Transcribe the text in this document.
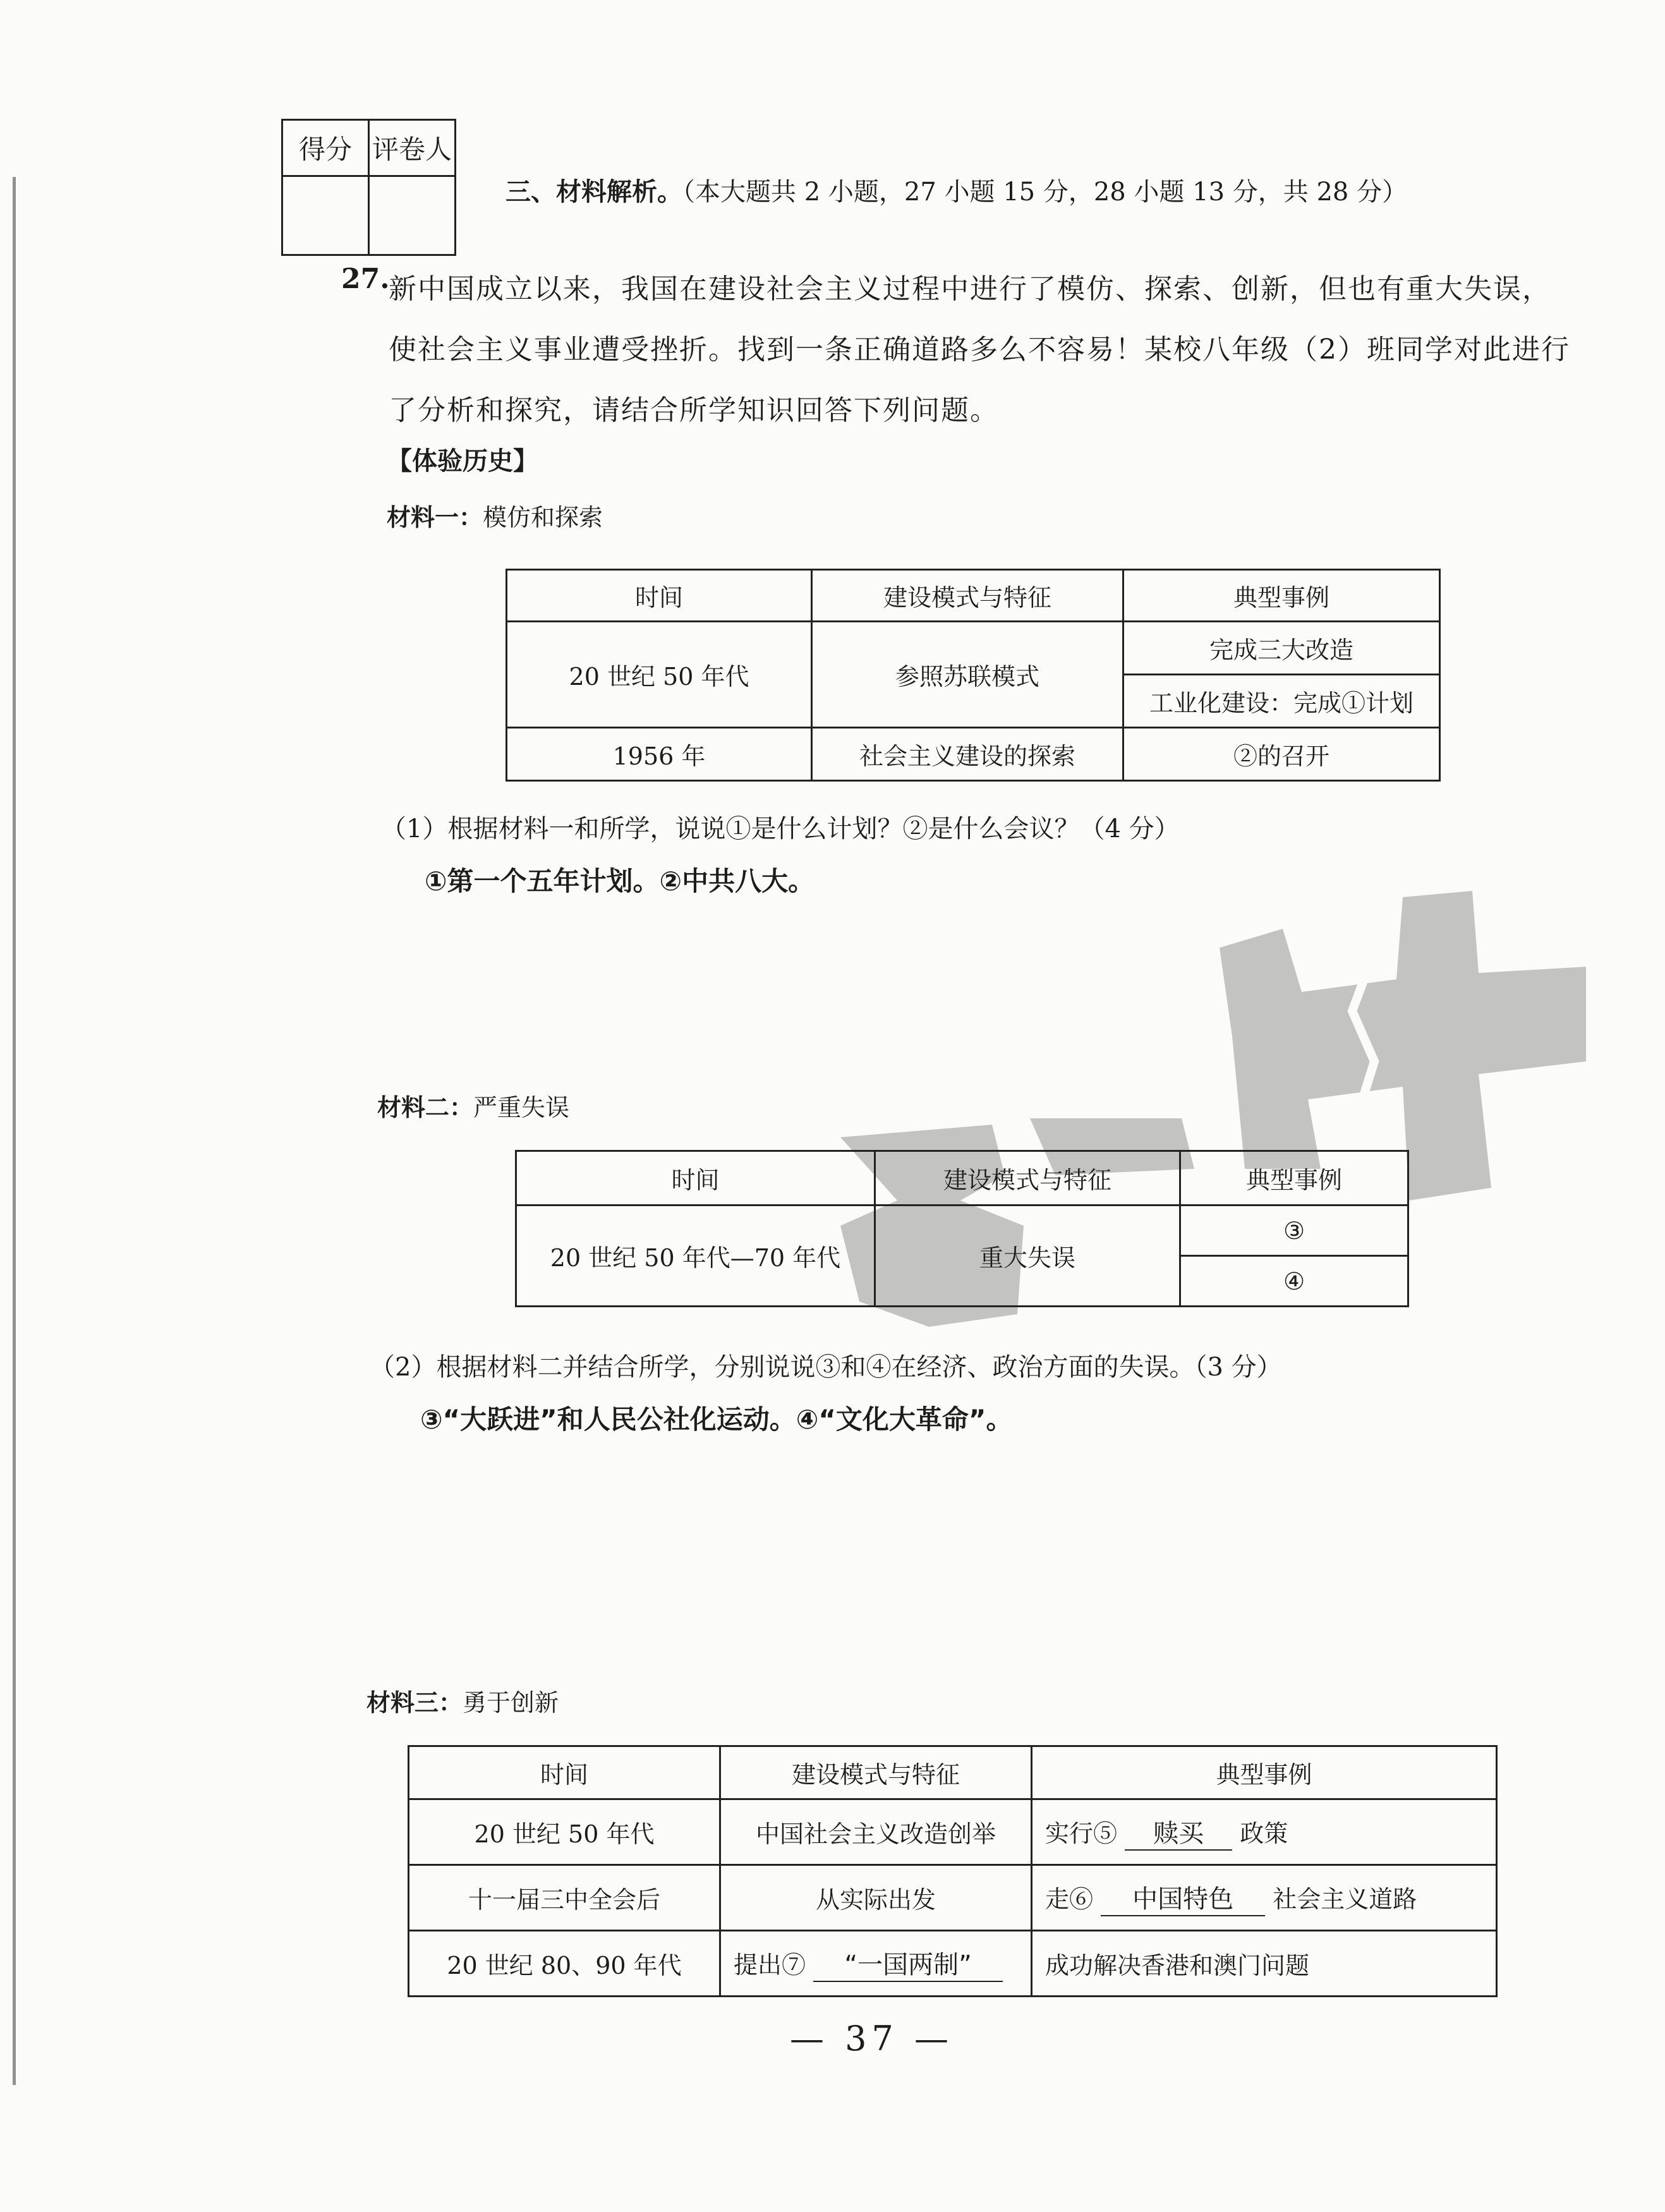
得分	评卷人

三、材料解析。（本大题共 2 小题，27 小题 15 分，28 小题 13 分，共 28 分）
27.
新中国成立以来，我国在建设社会主义过程中进行了模仿、探索、创新，但也有重大失误，使社会主义事业遭受挫折。找到一条正确道路多么不容易！某校八年级（2）班同学对此进行了分析和探究，请结合所学知识回答下列问题。
【体验历史】
材料一：模仿和探索
时间	建设模式与特征	典型事例
20 世纪 50 年代	参照苏联模式	完成三大改造
		工业化建设：完成①计划
1956 年	社会主义建设的探索	②的召开
（1）根据材料一和所学，说说①是什么计划？②是什么会议？（4 分）
①第一个五年计划。②中共八大。
材料二：严重失误
时间	建设模式与特征	典型事例
20 世纪 50 年代—70 年代	重大失误	③
		④
（2）根据材料二并结合所学，分别说说③和④在经济、政治方面的失误。（3 分）
③“大跃进”和人民公社化运动。④“文化大革命”。
材料三：勇于创新
时间	建设模式与特征	典型事例
20 世纪 50 年代	中国社会主义改造创举	实行⑤ 赎买 政策
十一届三中全会后	从实际出发	走⑥ 中国特色 社会主义道路
20 世纪 80、90 年代	提出⑦ “一国两制”	成功解决香港和澳门问题
— 37 —
